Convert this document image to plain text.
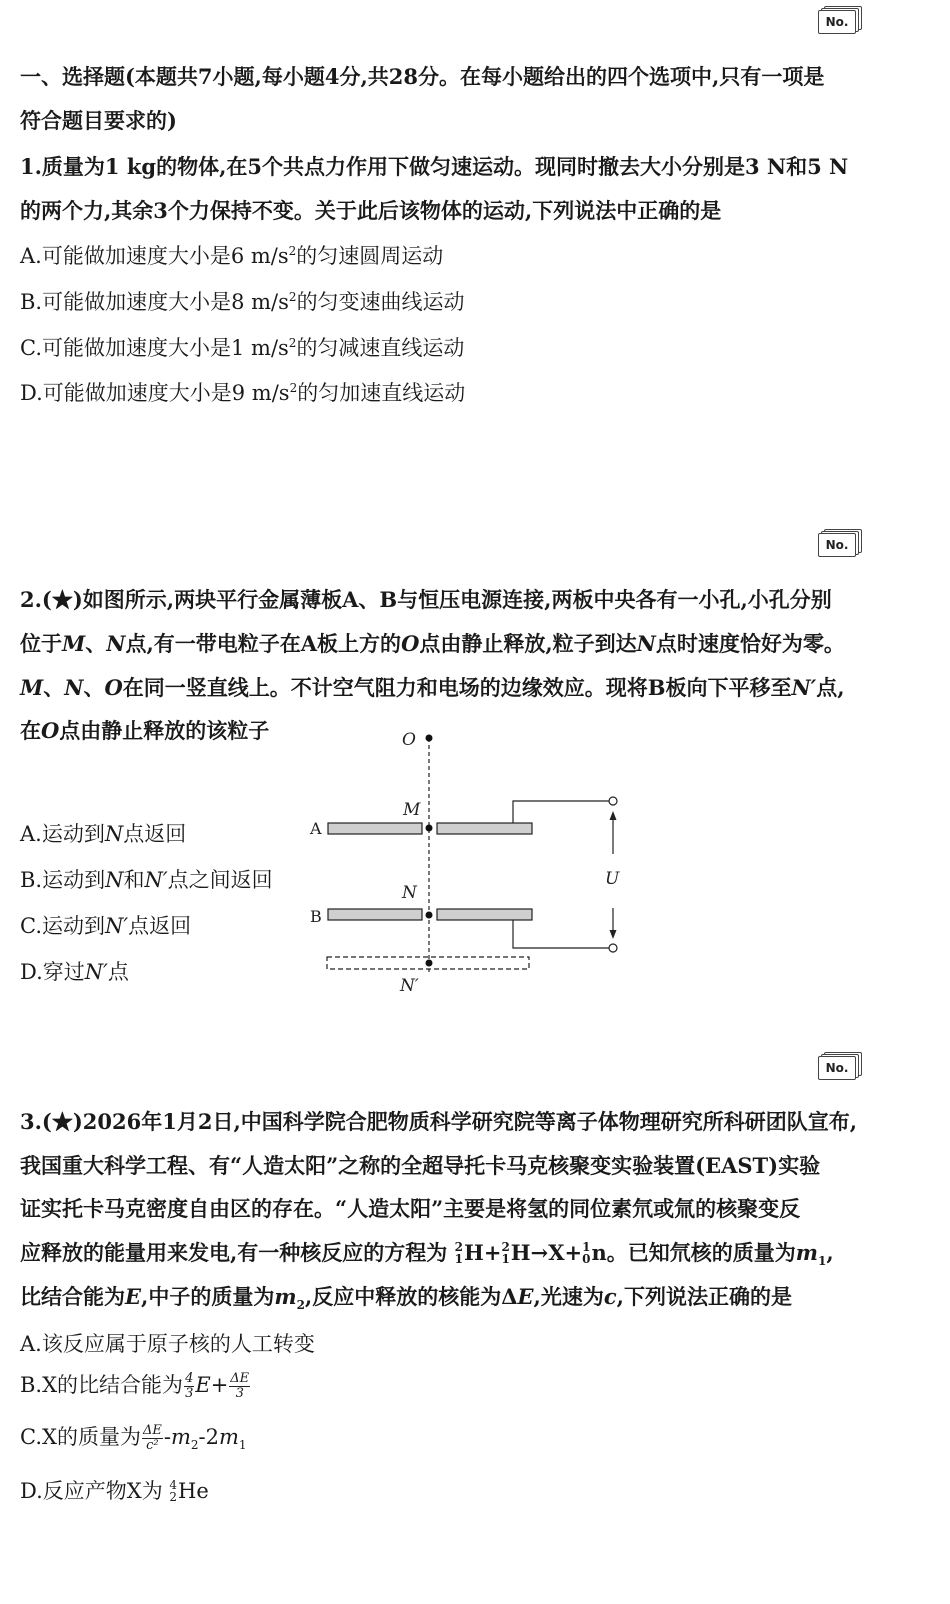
No.
No.
No.
一、选择题(本题共7小题,每小题4分,共28分。在每小题给出的四个选项中,只有一项是
符合题目要求的)
1.质量为1 kg的物体,在5个共点力作用下做匀速运动。现同时撤去大小分别是3 N和5 N
的两个力,其余3个力保持不变。关于此后该物体的运动,下列说法中正确的是
A.可能做加速度大小是6 $m/s^2$的匀速圆周运动
B.可能做加速度大小是8 $m/s^2$的匀变速曲线运动
C.可能做加速度大小是1 $m/s^2$的匀减速直线运动
D.可能做加速度大小是9 $m/s^2$的匀加速直线运动
2.(★)如图所示,两块平行金属薄板A、B与恒压电源连接,两板中央各有一小孔,小孔分别
位于M、N点,有一带电粒子在A板上方的O点由静止释放,粒子到达N点时速度恰好为零。
M、N、O在同一竖直线上。不计空气阻力和电场的边缘效应。现将B板向下平移至N′点,
在O点由静止释放的该粒子
A.运动到N点返回
B.运动到N和N′点之间返回
C.运动到N′点返回
D.穿过N′点
O
M
A
N
B
U
N′
3.(★)2026年1月2日,中国科学院合肥物质科学研究院等离子体物理研究所科研团队宣布,
我国重大科学工程、有“人造太阳”之称的全超导托卡马克核聚变实验装置(EAST)实验
证实托卡马克密度自由区的存在。“人造太阳”主要是将氢的同位素氘或氚的核聚变反
应释放的能量用来发电,有一种核反应的方程为 2
1 H+ 2
1 H→X+ 1
0 n。已知氘核的质量为$m_1$,
比结合能为E,中子的质量为$m_2$,反应中释放的核能为ΔE,光速为c,下列说法正确的是
A.该反应属于原子核的人工转变
B.X的比结合能为 $\frac{4}{3} E+ \frac{\Delta E}{3}$
C.X的质量为 $\frac{\Delta E}{\text{c²}} -m_2-2m_1$
D.反应产物X为 4
2 He
